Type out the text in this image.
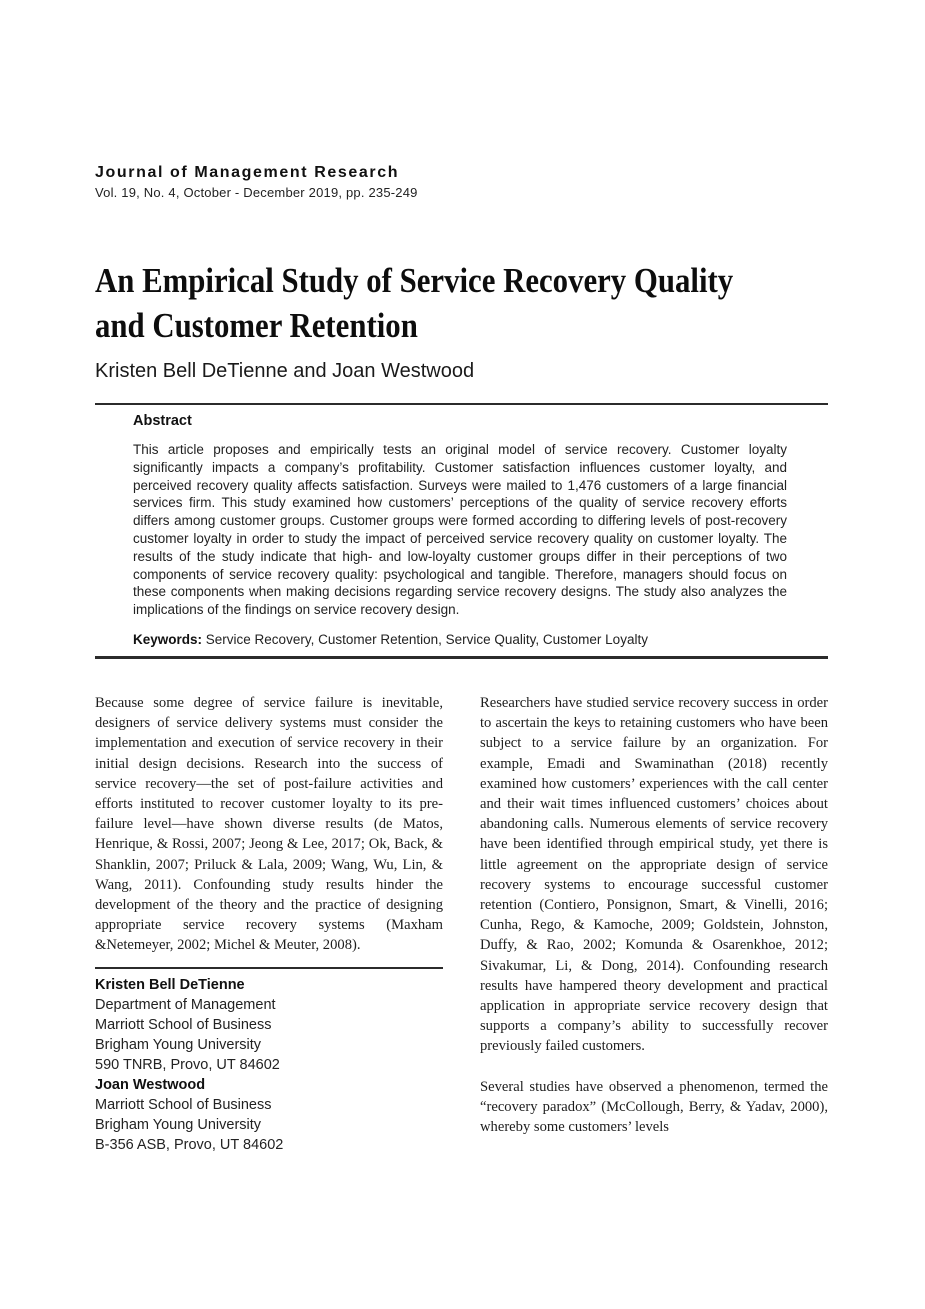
Journal of Management Research
Vol. 19, No. 4, October - December 2019, pp. 235-249
An Empirical Study of Service Recovery Quality
and Customer Retention
Kristen Bell DeTienne and Joan Westwood
Abstract
This article proposes and empirically tests an original model of service recovery. Customer loyalty significantly impacts a company’s profitability. Customer satisfaction influences customer loyalty, and perceived recovery quality affects satisfaction. Surveys were mailed to 1,476 customers of a large financial services firm. This study examined how customers’ perceptions of the quality of service recovery efforts differs among customer groups. Customer groups were formed according to differing levels of post-recovery customer loyalty in order to study the impact of perceived service recovery quality on customer loyalty. The results of the study indicate that high- and low-loyalty customer groups differ in their perceptions of two components of service recovery quality: psychological and tangible. Therefore, managers should focus on these components when making decisions regarding service recovery designs. The study also analyzes the implications of the findings on service recovery design.
Keywords: Service Recovery, Customer Retention, Service Quality, Customer Loyalty
Because some degree of service failure is inevitable, designers of service delivery systems must consider the implementation and execution of service recovery in their initial design decisions. Research into the success of service recovery—the set of post-failure activities and efforts instituted to recover customer loyalty to its pre-failure level—have shown diverse results (de Matos, Henrique, & Rossi, 2007; Jeong & Lee, 2017; Ok, Back, & Shanklin, 2007; Priluck & Lala, 2009; Wang, Wu, Lin, & Wang, 2011). Confounding study results hinder the development of the theory and the practice of designing appropriate service recovery systems (Maxham &Netemeyer, 2002; Michel & Meuter, 2008).
Kristen Bell DeTienne
Department of Management
Marriott School of Business
Brigham Young University
590 TNRB, Provo, UT 84602
Joan Westwood
Marriott School of Business
Brigham Young University
B-356 ASB, Provo, UT 84602
Researchers have studied service recovery success in order to ascertain the keys to retaining customers who have been subject to a service failure by an organization. For example, Emadi and Swaminathan (2018) recently examined how customers’ experiences with the call center and their wait times influenced customers’ choices about abandoning calls. Numerous elements of service recovery have been identified through empirical study, yet there is little agreement on the appropriate design of service recovery systems to encourage successful customer retention (Contiero, Ponsignon, Smart, & Vinelli, 2016; Cunha, Rego, & Kamoche, 2009; Goldstein, Johnston, Duffy, & Rao, 2002; Komunda & Osarenkhoe, 2012; Sivakumar, Li, & Dong, 2014). Confounding research results have hampered theory development and practical application in appropriate service recovery design that supports a company’s ability to successfully recover previously failed customers.
Several studies have observed a phenomenon, termed the “recovery paradox” (McCollough, Berry, & Yadav, 2000), whereby some customers’ levels
